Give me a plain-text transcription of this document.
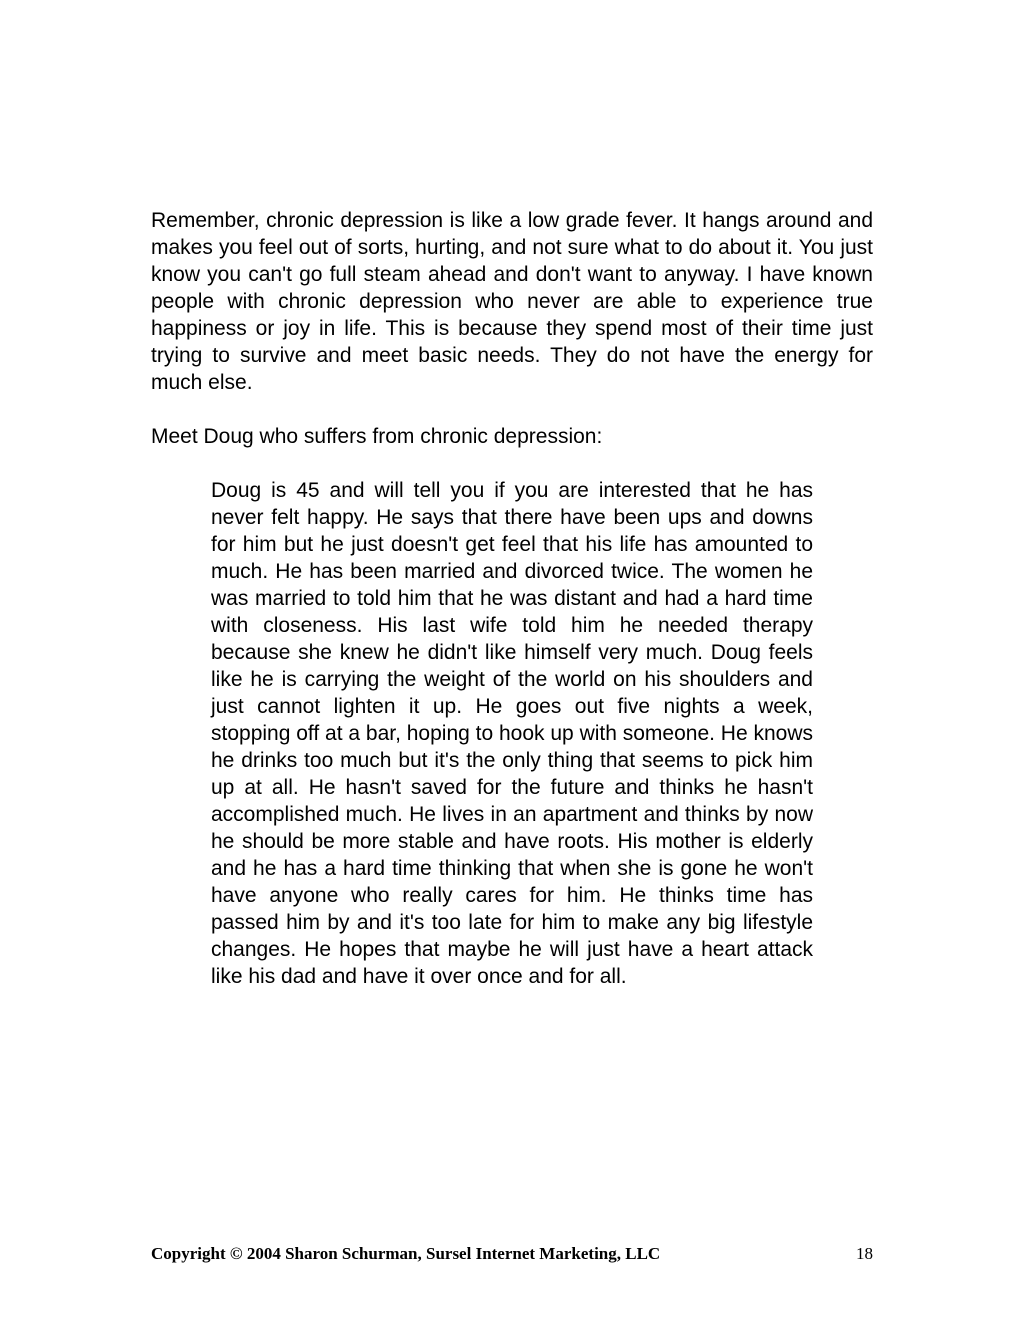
Remember, chronic depression is like a low grade fever. It hangs around and makes you feel out of sorts, hurting, and not sure what to do about it. You just know you can't go full steam ahead and don't want to anyway. I have known people with chronic depression who never are able to experience true happiness or joy in life. This is because they spend most of their time just trying to survive and meet basic needs. They do not have the energy for much else.

Meet Doug who suffers from chronic depression:

Doug is 45 and will tell you if you are interested that he has never felt happy. He says that there have been ups and downs for him but he just doesn't get feel that his life has amounted to much. He has been married and divorced twice. The women he was married to told him that he was distant and had a hard time with closeness. His last wife told him he needed therapy because she knew he didn't like himself very much. Doug feels like he is carrying the weight of the world on his shoulders and just cannot lighten it up. He goes out five nights a week, stopping off at a bar, hoping to hook up with someone. He knows he drinks too much but it's the only thing that seems to pick him up at all. He hasn't saved for the future and thinks he hasn't accomplished much. He lives in an apartment and thinks by now he should be more stable and have roots. His mother is elderly and he has a hard time thinking that when she is gone he won't have anyone who really cares for him. He thinks time has passed him by and it's too late for him to make any big lifestyle changes. He hopes that maybe he will just have a heart attack like his dad and have it over once and for all.

Copyright © 2004 Sharon Schurman, Sursel Internet Marketing, LLC	18
